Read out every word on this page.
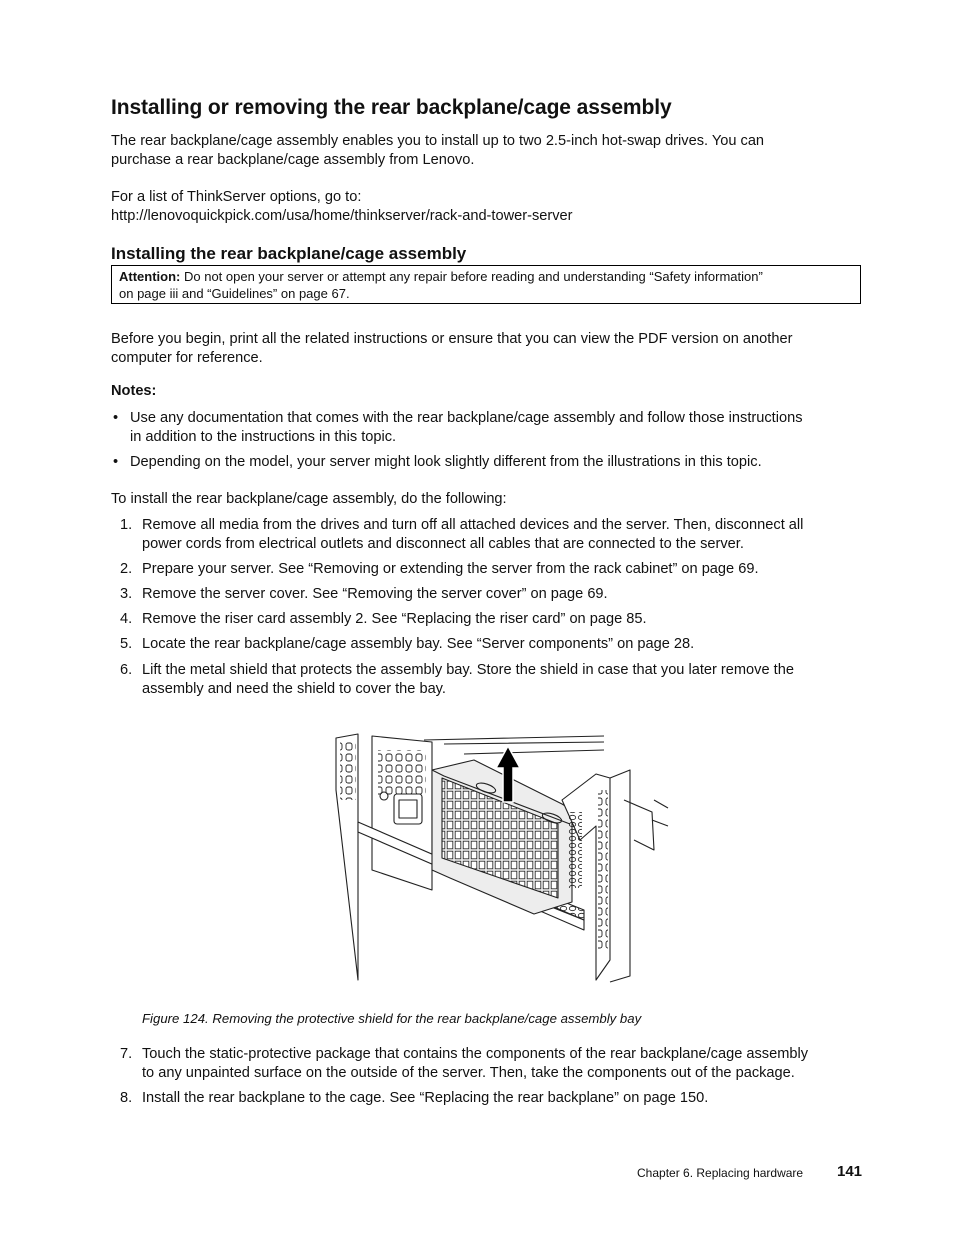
Installing or removing the rear backplane/cage assembly
The rear backplane/cage assembly enables you to install up to two 2.5-inch hot-swap drives. You can
purchase a rear backplane/cage assembly from Lenovo.
For a list of ThinkServer options, go to:
http://lenovoquickpick.com/usa/home/thinkserver/rack-and-tower-server
Installing the rear backplane/cage assembly
Attention: Do not open your server or attempt any repair before reading and understanding “Safety information”
on page iii and “Guidelines” on page 67.
Before you begin, print all the related instructions or ensure that you can view the PDF version on another
computer for reference.
Notes:
• Use any documentation that comes with the rear backplane/cage assembly and follow those instructions
in addition to the instructions in this topic.
• Depending on the model, your server might look slightly different from the illustrations in this topic.
To install the rear backplane/cage assembly, do the following:
1. Remove all media from the drives and turn off all attached devices and the server. Then, disconnect all
power cords from electrical outlets and disconnect all cables that are connected to the server.
2. Prepare your server. See “Removing or extending the server from the rack cabinet” on page 69.
3. Remove the server cover. See “Removing the server cover” on page 69.
4. Remove the riser card assembly 2. See “Replacing the riser card” on page 85.
5. Locate the rear backplane/cage assembly bay. See “Server components” on page 28.
6. Lift the metal shield that protects the assembly bay. Store the shield in case that you later remove the
assembly and need the shield to cover the bay.
Figure 124. Removing the protective shield for the rear backplane/cage assembly bay
7. Touch the static-protective package that contains the components of the rear backplane/cage assembly
to any unpainted surface on the outside of the server. Then, take the components out of the package.
8. Install the rear backplane to the cage. See “Replacing the rear backplane” on page 150.
Chapter 6. Replacing hardware 141
